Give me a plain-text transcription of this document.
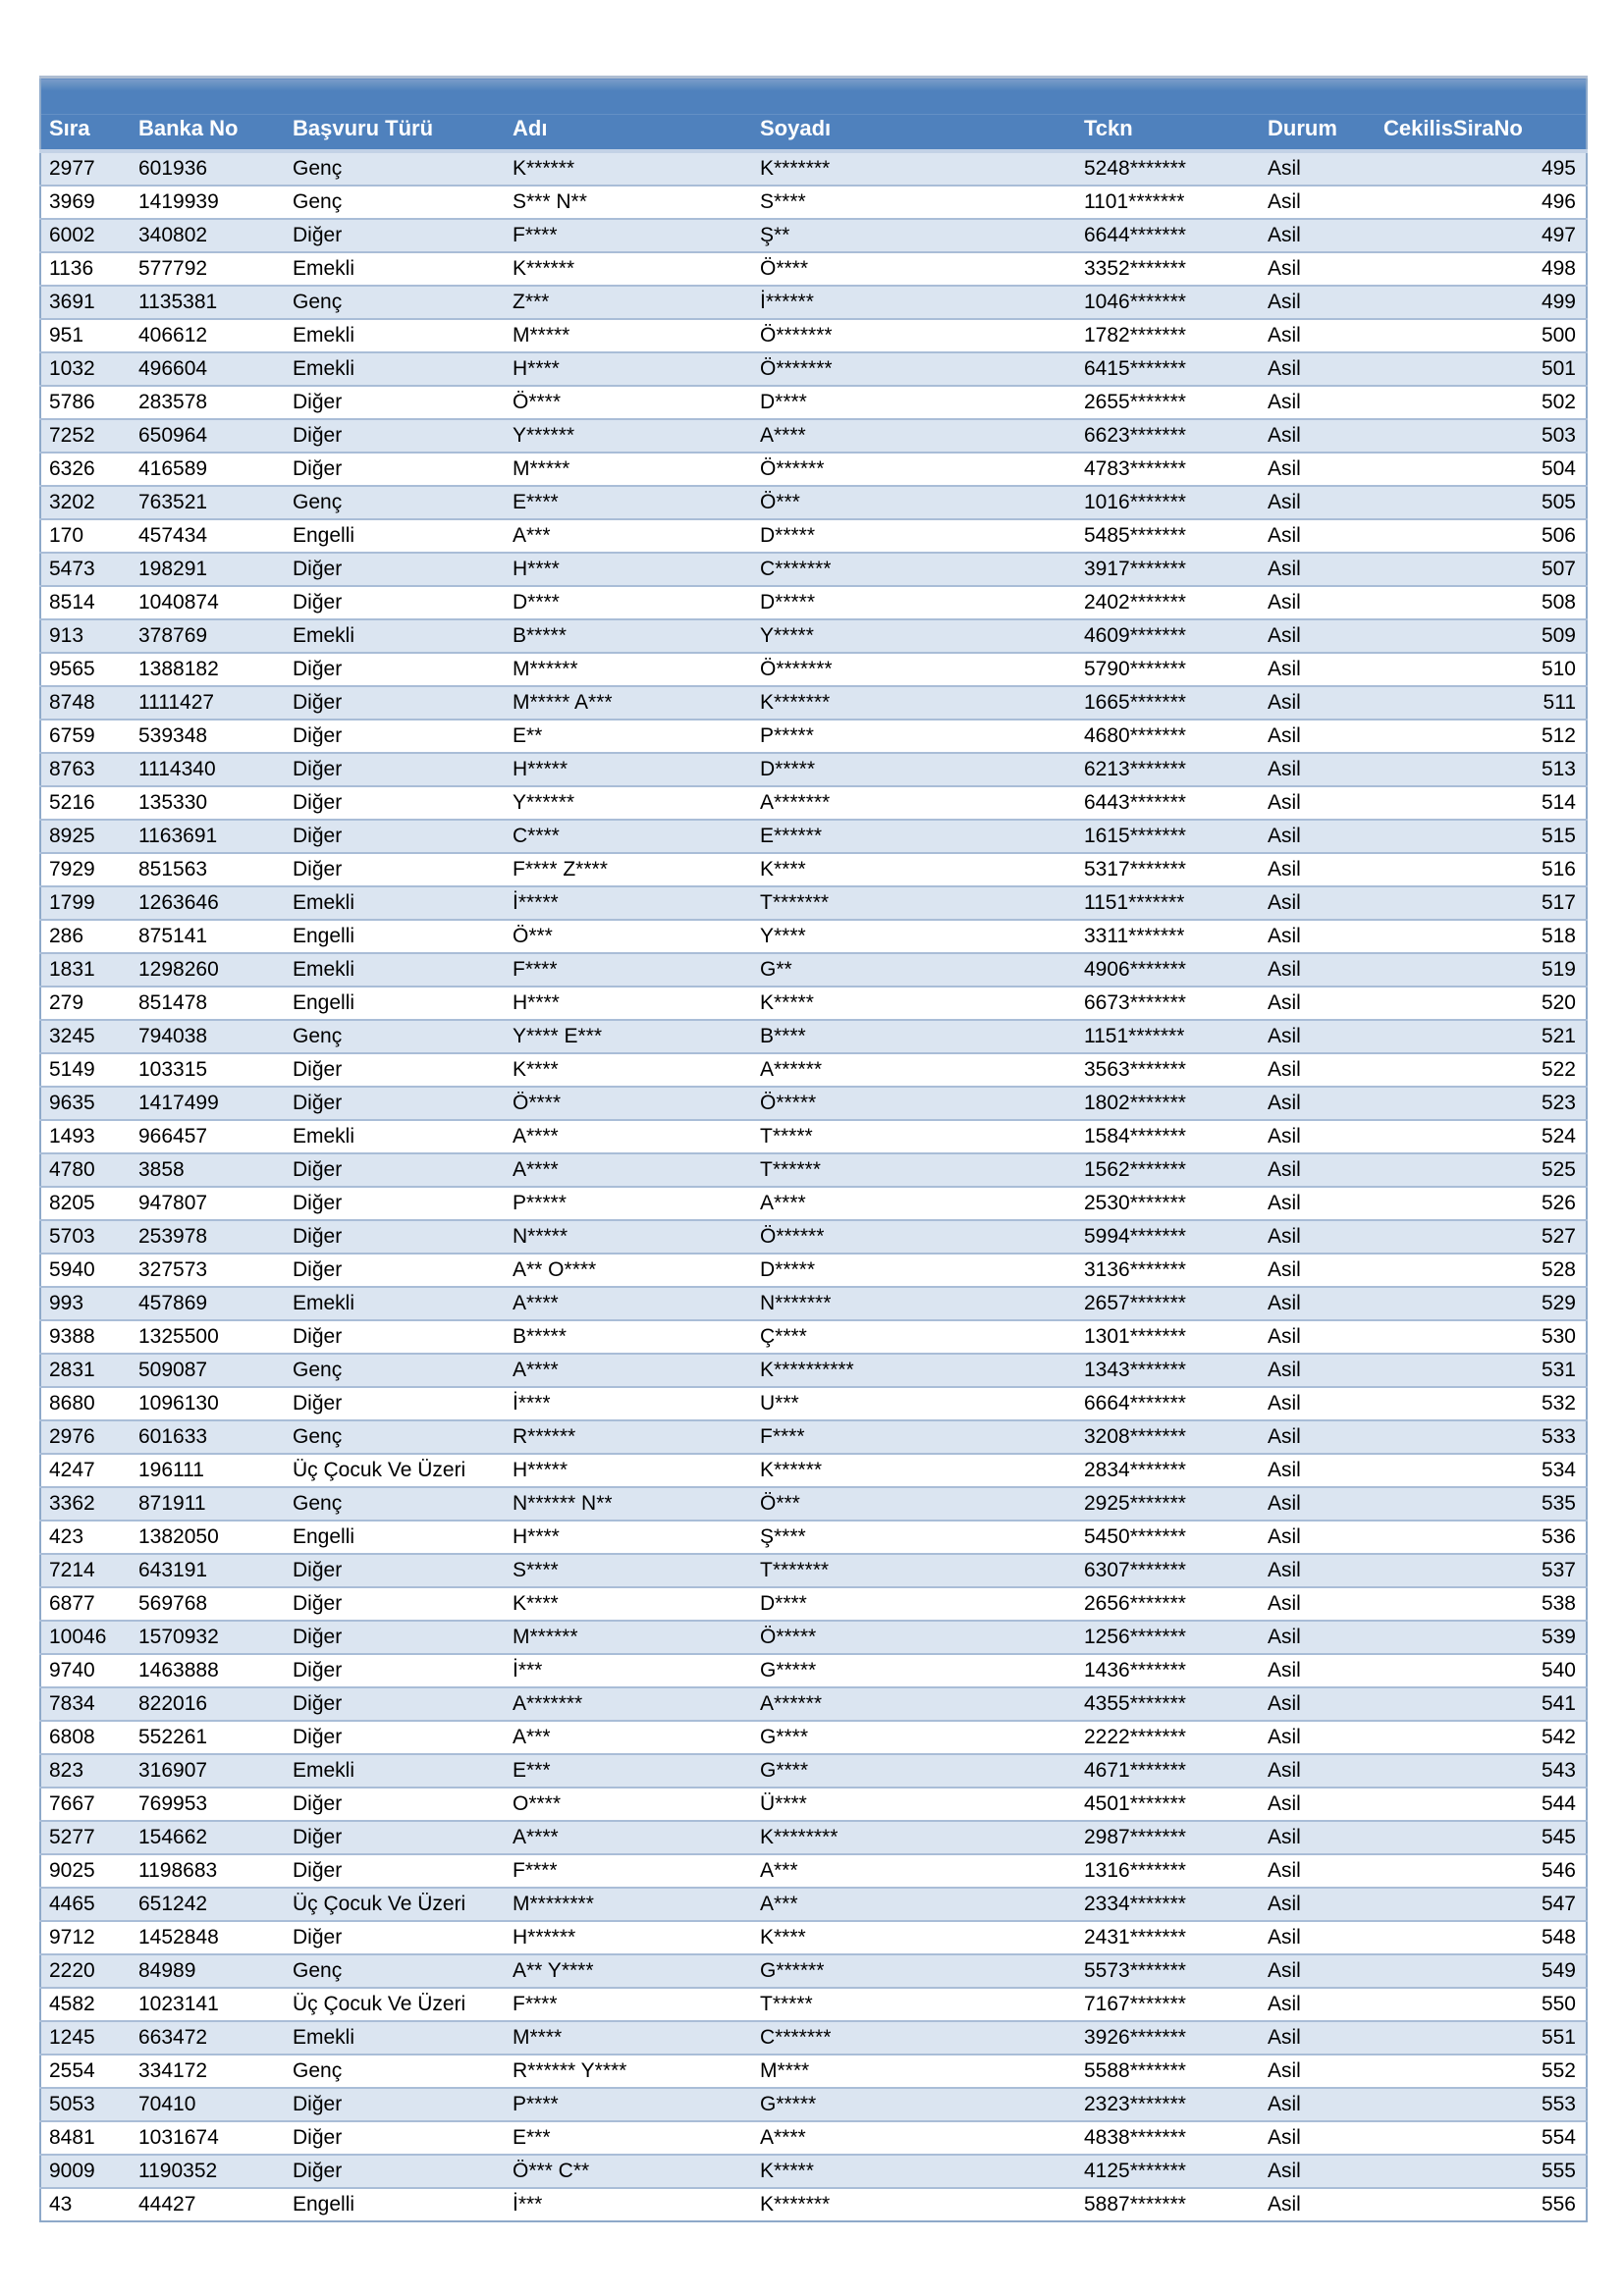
Sıra	Banka No	Başvuru Türü	Adı	Soyadı	Tckn	Durum	CekilisSiraNo
2977	601936	Genç	K******	K*******	5248*******	Asil	495
3969	1419939	Genç	S*** N**	S****	1101*******	Asil	496
6002	340802	Diğer	F****	Ş**	6644*******	Asil	497
1136	577792	Emekli	K******	Ö****	3352*******	Asil	498
3691	1135381	Genç	Z***	İ******	1046*******	Asil	499
951	406612	Emekli	M*****	Ö*******	1782*******	Asil	500
1032	496604	Emekli	H****	Ö*******	6415*******	Asil	501
5786	283578	Diğer	Ö****	D****	2655*******	Asil	502
7252	650964	Diğer	Y******	A****	6623*******	Asil	503
6326	416589	Diğer	M*****	Ö******	4783*******	Asil	504
3202	763521	Genç	E****	Ö***	1016*******	Asil	505
170	457434	Engelli	A***	D*****	5485*******	Asil	506
5473	198291	Diğer	H****	C*******	3917*******	Asil	507
8514	1040874	Diğer	D****	D*****	2402*******	Asil	508
913	378769	Emekli	B*****	Y*****	4609*******	Asil	509
9565	1388182	Diğer	M******	Ö*******	5790*******	Asil	510
8748	1111427	Diğer	M***** A***	K*******	1665*******	Asil	511
6759	539348	Diğer	E**	P*****	4680*******	Asil	512
8763	1114340	Diğer	H*****	D*****	6213*******	Asil	513
5216	135330	Diğer	Y******	A*******	6443*******	Asil	514
8925	1163691	Diğer	C****	E******	1615*******	Asil	515
7929	851563	Diğer	F**** Z****	K****	5317*******	Asil	516
1799	1263646	Emekli	İ*****	T*******	1151*******	Asil	517
286	875141	Engelli	Ö***	Y****	3311*******	Asil	518
1831	1298260	Emekli	F****	G**	4906*******	Asil	519
279	851478	Engelli	H****	K*****	6673*******	Asil	520
3245	794038	Genç	Y**** E***	B****	1151*******	Asil	521
5149	103315	Diğer	K****	A******	3563*******	Asil	522
9635	1417499	Diğer	Ö****	Ö*****	1802*******	Asil	523
1493	966457	Emekli	A****	T*****	1584*******	Asil	524
4780	3858	Diğer	A****	T******	1562*******	Asil	525
8205	947807	Diğer	P*****	A****	2530*******	Asil	526
5703	253978	Diğer	N*****	Ö******	5994*******	Asil	527
5940	327573	Diğer	A** O****	D*****	3136*******	Asil	528
993	457869	Emekli	A****	N*******	2657*******	Asil	529
9388	1325500	Diğer	B*****	Ç****	1301*******	Asil	530
2831	509087	Genç	A****	K**********	1343*******	Asil	531
8680	1096130	Diğer	İ****	U***	6664*******	Asil	532
2976	601633	Genç	R******	F****	3208*******	Asil	533
4247	196111	Üç Çocuk Ve Üzeri	H*****	K******	2834*******	Asil	534
3362	871911	Genç	N****** N**	Ö***	2925*******	Asil	535
423	1382050	Engelli	H****	Ş****	5450*******	Asil	536
7214	643191	Diğer	S****	T*******	6307*******	Asil	537
6877	569768	Diğer	K****	D****	2656*******	Asil	538
10046	1570932	Diğer	M******	Ö*****	1256*******	Asil	539
9740	1463888	Diğer	İ***	G*****	1436*******	Asil	540
7834	822016	Diğer	A*******	A******	4355*******	Asil	541
6808	552261	Diğer	A***	G****	2222*******	Asil	542
823	316907	Emekli	E***	G****	4671*******	Asil	543
7667	769953	Diğer	O****	Ü****	4501*******	Asil	544
5277	154662	Diğer	A****	K********	2987*******	Asil	545
9025	1198683	Diğer	F****	A***	1316*******	Asil	546
4465	651242	Üç Çocuk Ve Üzeri	M********	A***	2334*******	Asil	547
9712	1452848	Diğer	H******	K****	2431*******	Asil	548
2220	84989	Genç	A** Y****	G******	5573*******	Asil	549
4582	1023141	Üç Çocuk Ve Üzeri	F****	T*****	7167*******	Asil	550
1245	663472	Emekli	M****	C*******	3926*******	Asil	551
2554	334172	Genç	R****** Y****	M****	5588*******	Asil	552
5053	70410	Diğer	P****	G*****	2323*******	Asil	553
8481	1031674	Diğer	E***	A****	4838*******	Asil	554
9009	1190352	Diğer	Ö*** C**	K*****	4125*******	Asil	555
43	44427	Engelli	İ***	K*******	5887*******	Asil	556
